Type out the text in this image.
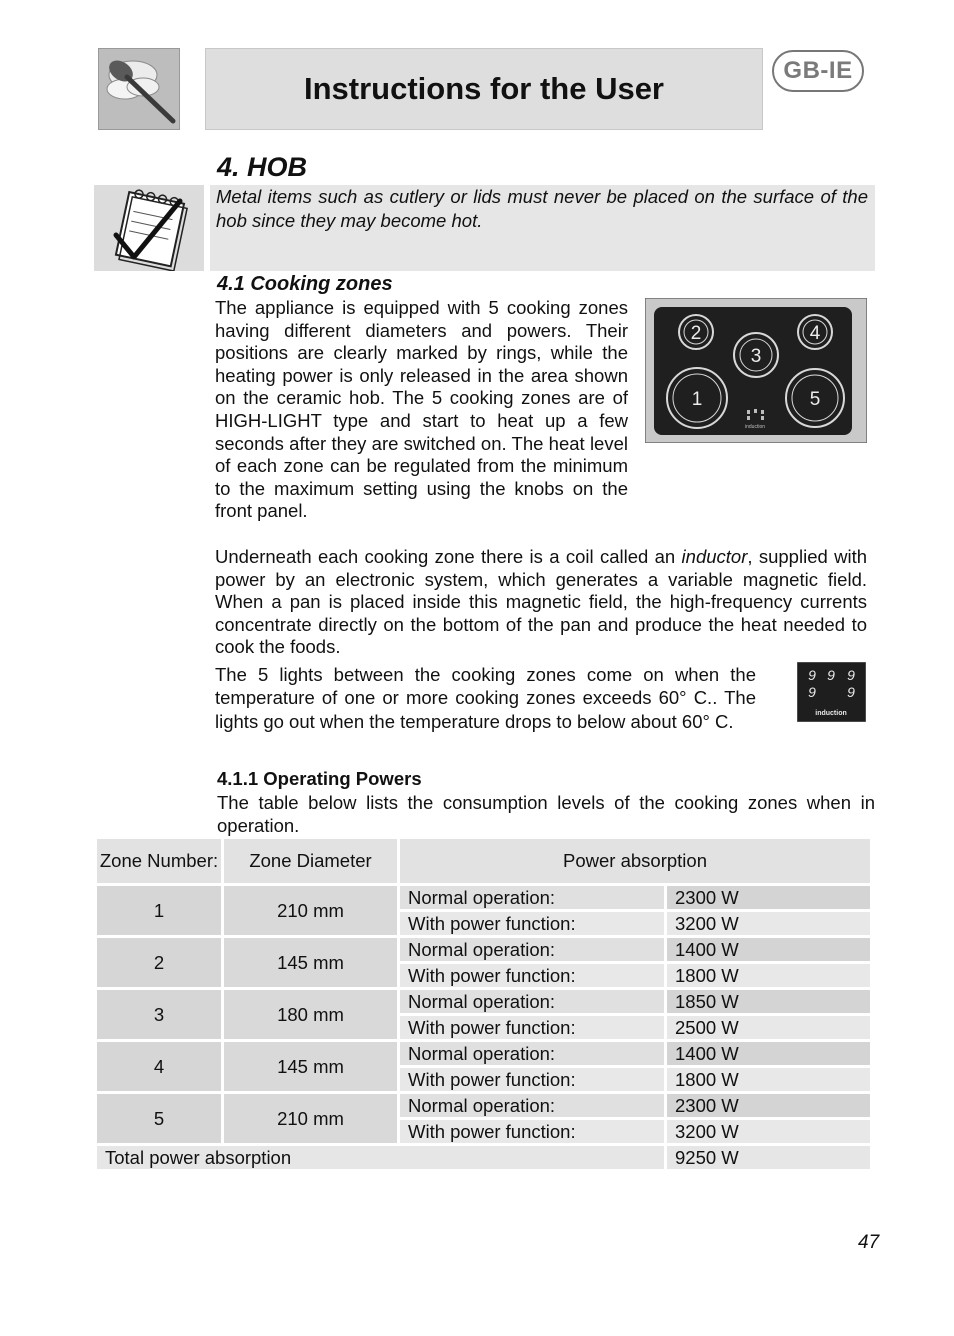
Instructions for the User
GB-IE
4. HOB
Metal items such as cutlery or lids must never be placed on the surface of the hob since they may become hot.
4.1 Cooking zones
The appliance is equipped with 5 cooking zones having different diameters and powers. Their positions are clearly marked by rings, while the heating power is only released in the area shown on the ceramic hob. The 5 cooking zones are of HIGH-LIGHT type and start to heat up a few seconds after they are switched on. The heat level of each zone can be regulated from the minimum to the maximum setting using the knobs on the front panel.
1
2
3
4
5
induction
Underneath each cooking zone there is a coil called an inductor, supplied with power by an electronic system, which generates a variable magnetic field. When a pan is placed inside this magnetic field, the high-frequency currents concentrate directly on the bottom of the pan and produce the heat needed to cook the foods.
The 5 lights between the cooking zones come on when the temperature of one or more cooking zones exceeds 60° C.. The lights go out when the temperature drops to below about 60° C.
9 9 9
9 9
induction
4.1.1 Operating Powers
The table below lists the consumption levels of the cooking zones when in operation.
Zone Number:	Zone Diameter	Power absorption	
1	210 mm	Normal operation:	2300 W
		With power function:	3200 W
2	145 mm	Normal operation:	1400 W
		With power function:	1800 W
3	180 mm	Normal operation:	1850 W
		With power function:	2500 W
4	145 mm	Normal operation:	1400 W
		With power function:	1800 W
5	210 mm	Normal operation:	2300 W
		With power function:	3200 W
Total power absorption			9250 W
47
